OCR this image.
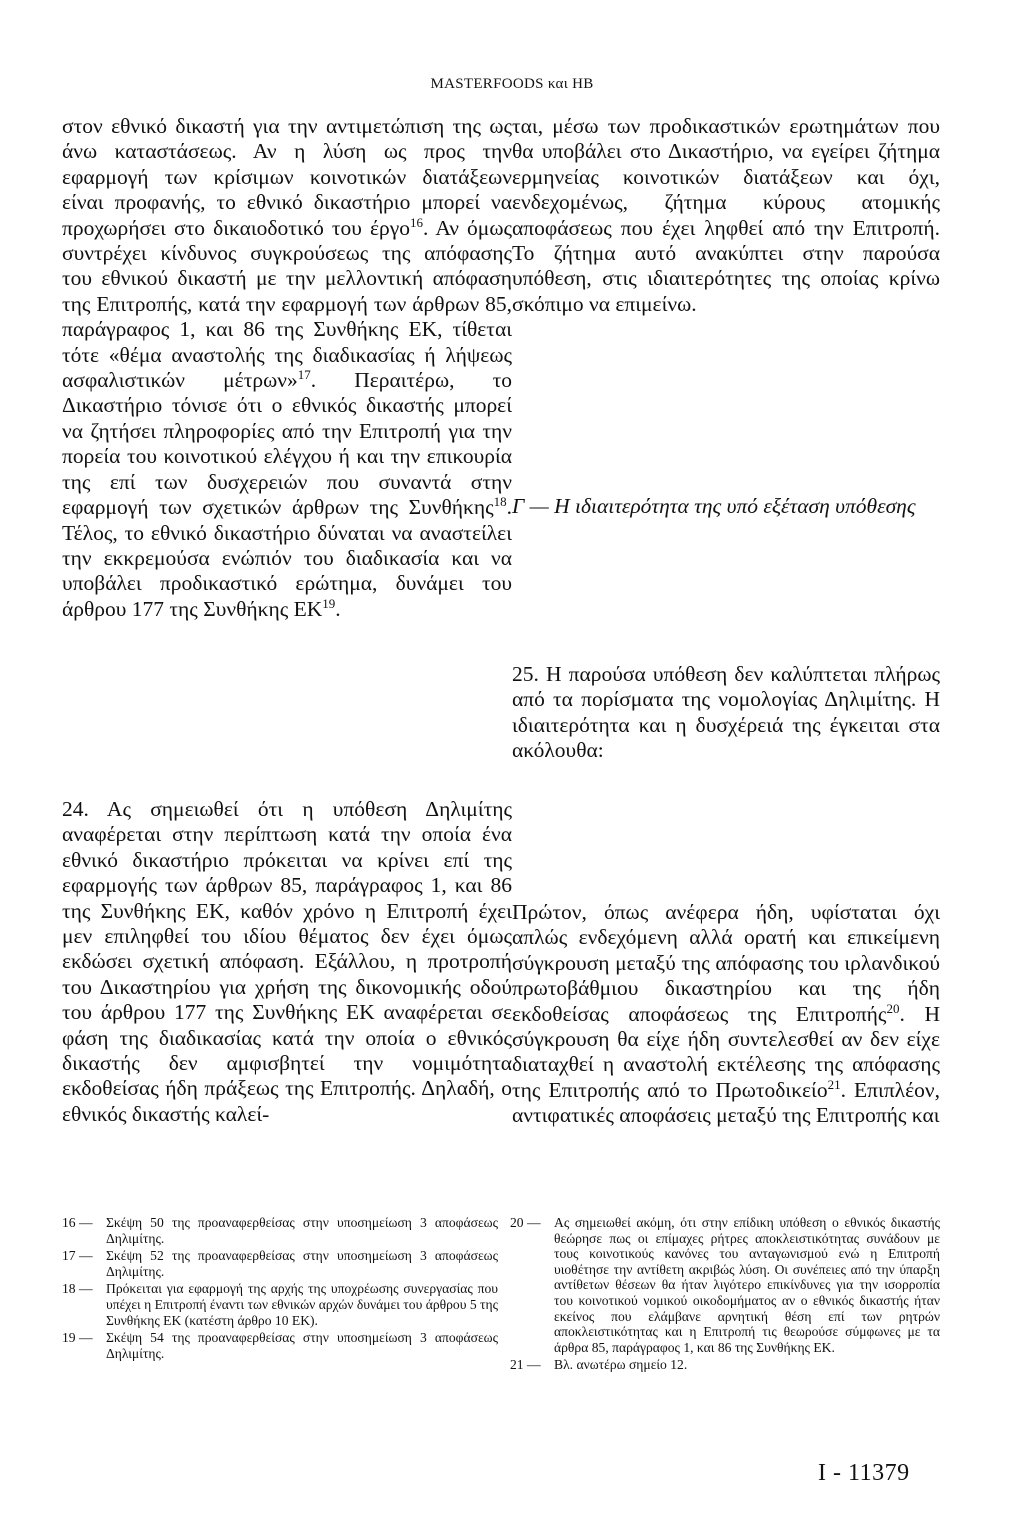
MASTERFOODS και HB

στον εθνικό δικαστή για την αντιμετώπιση της ως άνω καταστάσεως. Αν η λύση ως προς την εφαρμογή των κρίσιμων κοινοτικών διατάξεων είναι προφανής, το εθνικό δικαστήριο μπορεί να προχωρήσει στο δικαιοδοτικό του έργο$^{16}$. Αν όμως συντρέχει κίνδυνος συγκρούσεως της απόφασης του εθνικού δικαστή με την μελλοντική απόφαση της Επιτροπής, κατά την εφαρμογή των άρθρων 85, παράγραφος 1, και 86 της Συνθήκης ΕΚ, τίθεται τότε «θέμα αναστολής της διαδικασίας ή λήψεως ασφαλιστικών μέτρων»$^{17}$. Περαιτέρω, το Δικαστήριο τόνισε ότι ο εθνικός δικαστής μπορεί να ζητήσει πληροφορίες από την Επιτροπή για την πορεία του κοινοτικού ελέγχου ή και την επικουρία της επί των δυσχερειών που συναντά στην εφαρμογή των σχετικών άρθρων της Συνθήκης$^{18}$. Τέλος, το εθνικό δικαστήριο δύναται να αναστείλει την εκκρεμούσα ενώπιόν του διαδικασία και να υποβάλει προδικαστικό ερώτημα, δυνάμει του άρθρου 177 της Συνθήκης ΕΚ$^{19}$.

24. Ας σημειωθεί ότι η υπόθεση Δηλιμίτης αναφέρεται στην περίπτωση κατά την οποία ένα εθνικό δικαστήριο πρόκειται να κρίνει επί της εφαρμογής των άρθρων 85, παράγραφος 1, και 86 της Συνθήκης ΕΚ, καθόν χρόνο η Επιτροπή έχει μεν επιληφθεί του ιδίου θέματος δεν έχει όμως εκδώσει σχετική απόφαση. Εξάλλου, η προτροπή του Δικαστηρίου για χρήση της δικονομικής οδού του άρθρου 177 της Συνθήκης ΕΚ αναφέρεται σε φάση της διαδικασίας κατά την οποία ο εθνικός δικαστής δεν αμφισβητεί την νομιμότητα εκδοθείσας ήδη πράξεως της Επιτροπής. Δηλαδή, ο εθνικός δικαστής καλεί-

ται, μέσω των προδικαστικών ερωτημάτων που θα υποβάλει στο Δικαστήριο, να εγείρει ζήτημα ερμηνείας κοινοτικών διατάξεων και όχι, ενδεχομένως, ζήτημα κύρους ατομικής αποφάσεως που έχει ληφθεί από την Επιτροπή. Το ζήτημα αυτό ανακύπτει στην παρούσα υπόθεση, στις ιδιαιτερότητες της οποίας κρίνω σκόπιμο να επιμείνω.

Γ — Η ιδιαιτερότητα της υπό εξέταση υπόθεσης

25. Η παρούσα υπόθεση δεν καλύπτεται πλήρως από τα πορίσματα της νομολογίας Δηλιμίτης. Η ιδιαιτερότητα και η δυσχέρειά της έγκειται στα ακόλουθα:

Πρώτον, όπως ανέφερα ήδη, υφίσταται όχι απλώς ενδεχόμενη αλλά ορατή και επικείμενη σύγκρουση μεταξύ της απόφασης του ιρλανδικού πρωτοβάθμιου δικαστηρίου και της ήδη εκδοθείσας αποφάσεως της Επιτροπής$^{20}$. Η σύγκρουση θα είχε ήδη συντελεσθεί αν δεν είχε διαταχθεί η αναστολή εκτέλεσης της απόφασης της Επιτροπής από το Πρωτοδικείο$^{21}$. Επιπλέον, αντιφατικές αποφάσεις μεταξύ της Επιτροπής και

16 — Σκέψη 50 της προαναφερθείσας στην υποσημείωση 3 αποφάσεως Δηλιμίτης.
17 — Σκέψη 52 της προαναφερθείσας στην υποσημείωση 3 αποφάσεως Δηλιμίτης.
18 — Πρόκειται για εφαρμογή της αρχής της υποχρέωσης συνεργασίας που υπέχει η Επιτροπή έναντι των εθνικών αρχών δυνάμει του άρθρου 5 της Συνθήκης ΕΚ (κατέστη άρθρο 10 ΕΚ).
19 — Σκέψη 54 της προαναφερθείσας στην υποσημείωση 3 αποφάσεως Δηλιμίτης.
20 — Ας σημειωθεί ακόμη, ότι στην επίδικη υπόθεση ο εθνικός δικαστής θεώρησε πως οι επίμαχες ρήτρες αποκλειστικότητας συνάδουν με τους κοινοτικούς κανόνες του ανταγωνισμού ενώ η Επιτροπή υιοθέτησε την αντίθετη ακριβώς λύση. Οι συνέπειες από την ύπαρξη αντίθετων θέσεων θα ήταν λιγότερο επικίνδυνες για την ισορροπία του κοινοτικού νομικού οικοδομήματος αν ο εθνικός δικαστής ήταν εκείνος που ελάμβανε αρνητική θέση επί των ρητρών αποκλειστικότητας και η Επιτροπή τις θεωρούσε σύμφωνες με τα άρθρα 85, παράγραφος 1, και 86 της Συνθήκης ΕΚ.
21 — Βλ. ανωτέρω σημείο 12.
I - 11379
